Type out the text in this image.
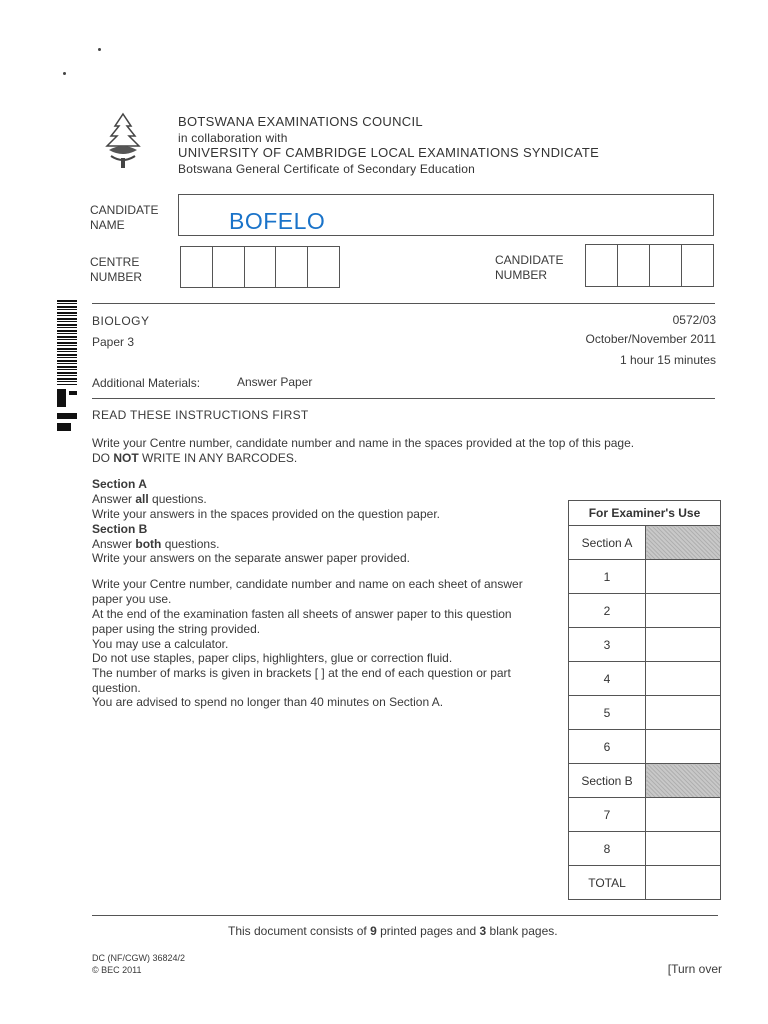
BOTSWANA EXAMINATIONS COUNCIL
in collaboration with
UNIVERSITY OF CAMBRIDGE LOCAL EXAMINATIONS SYNDICATE
Botswana General Certificate of Secondary Education
CANDIDATE
NAME	BOFELO
CENTRE
NUMBER
CANDIDATE
NUMBER
BIOLOGY
Paper 3
0572/03
October/November 2011
1 hour 15 minutes
Additional Materials:	Answer Paper
READ THESE INSTRUCTIONS FIRST
Write your Centre number, candidate number and name in the spaces provided at the top of this page.
DO NOT WRITE IN ANY BARCODES.
Section A
Answer all questions.
Write your answers in the spaces provided on the question paper.
Section B
Answer both questions.
Write your answers on the separate answer paper provided.
Write your Centre number, candidate number and name on each sheet of answer
paper you use.
At the end of the examination fasten all sheets of answer paper to this question
paper using the string provided.
You may use a calculator.
Do not use staples, paper clips, highlighters, glue or correction fluid.
The number of marks is given in brackets [ ] at the end of each question or part
question.
You are advised to spend no longer than 40 minutes on Section A.
For Examiner's Use	
Section A	
1	
2	
3	
4	
5	
6	
Section B	
7	
8	
TOTAL	
This document consists of 9 printed pages and 3 blank pages.
DC (NF/CGW) 36824/2
© BEC 2011	[Turn over
